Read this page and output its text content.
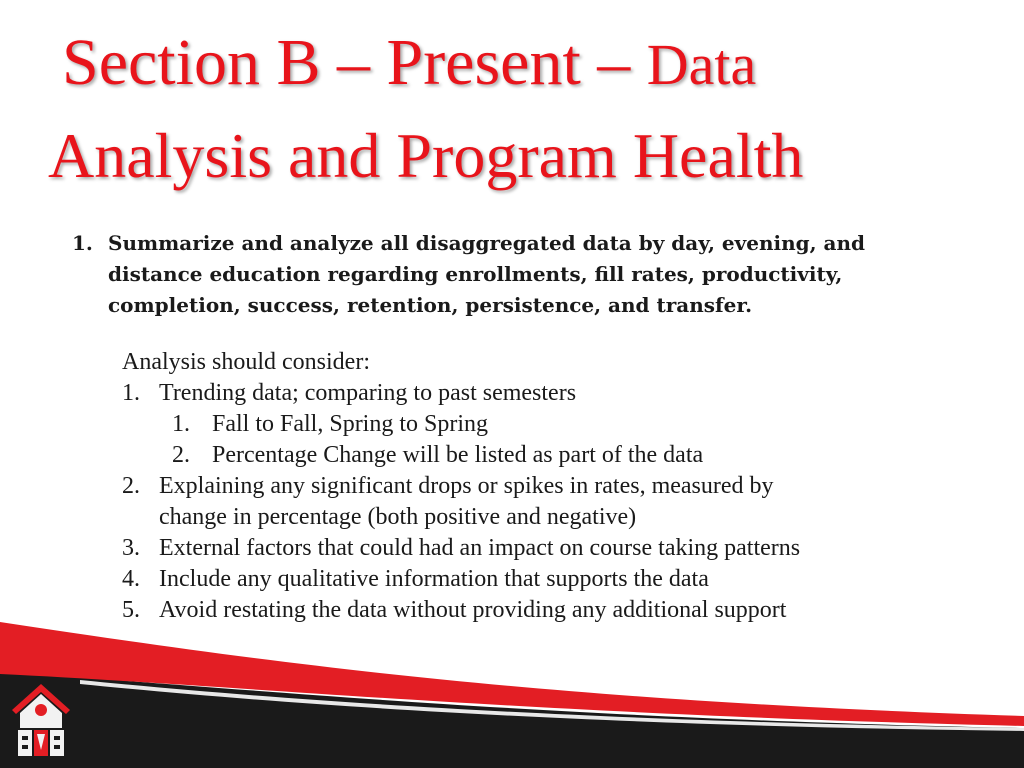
Section B – Present – Data
Analysis and Program Health
1. Summarize and analyze all disaggregated data by day, evening, and distance education regarding enrollments, fill rates, productivity, completion, success, retention, persistence, and transfer.
Analysis should consider:
1. Trending data; comparing to past semesters
1. Fall to Fall, Spring to Spring
2. Percentage Change will be listed as part of the data
2. Explaining any significant drops or spikes in rates, measured by
change in percentage (both positive and negative)
3. External factors that could had an impact on course taking patterns
4. Include any qualitative information that supports the data
5. Avoid restating the data without providing any additional support
